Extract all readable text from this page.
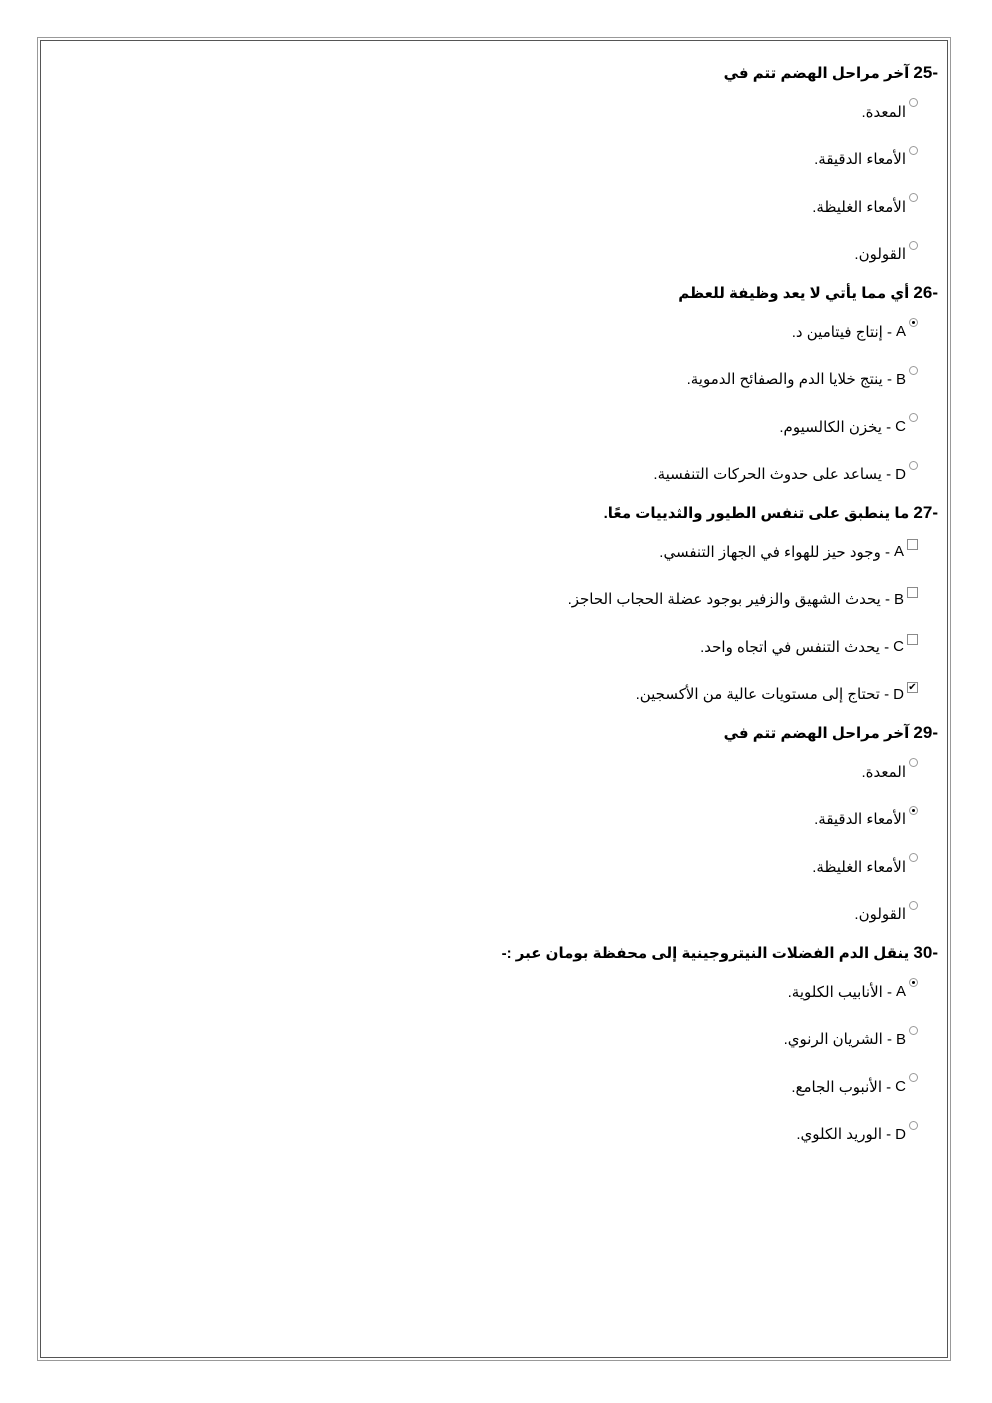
25- آخر مراحل الهضم تتم في
المعدة.
الأمعاء الدقيقة.
الأمعاء الغليظة.
القولون.
26- أي مما يأتي لا يعد وظيفة للعظم
A
- إنتاج فيتامين د.
B
- ينتج خلايا الدم والصفائح الدموية.
C
- يخزن الكالسيوم.
D
- يساعد على حدوث الحركات التنفسية.
27- ما ينطبق على تنفس الطيور والثدييات معًا.
A
- وجود حيز للهواء في الجهاز التنفسي.
B
- يحدث الشهيق والزفير بوجود عضلة الحجاب الحاجز.
C
- يحدث التنفس في اتجاه واحد.
✔
D
- تحتاج إلى مستويات عالية من الأكسجين.
29- آخر مراحل الهضم تتم في
المعدة.
الأمعاء الدقيقة.
الأمعاء الغليظة.
القولون.
30- ينقل الدم الفضلات النيتروجينية إلى محفظة بومان عبر :-
A
- الأنابيب الكلوية.
B
- الشريان الرنوي.
C
- الأنبوب الجامع.
D
- الوريد الكلوي.
